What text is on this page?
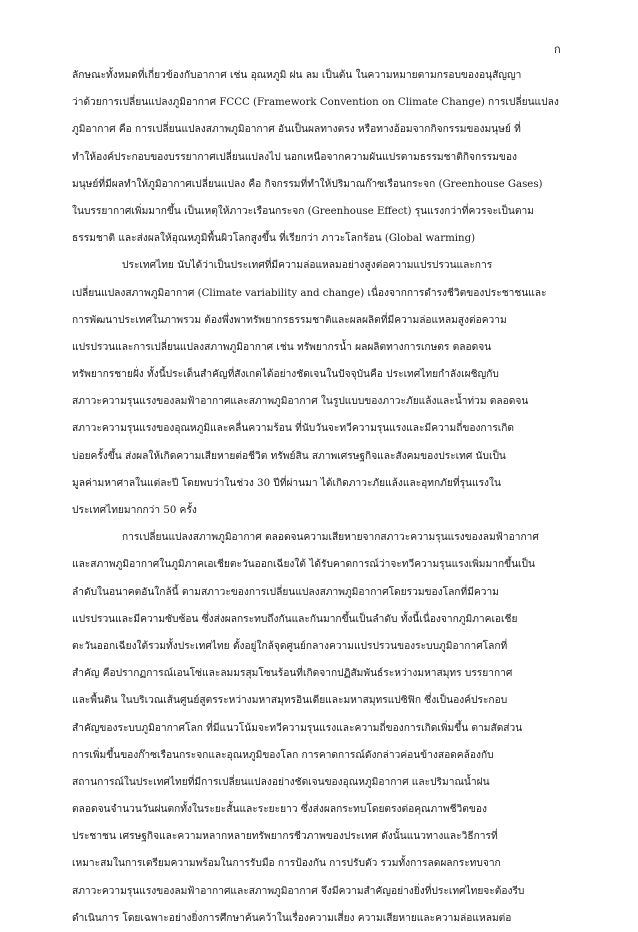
ก
ลักษณะทั้งหมดที่เกี่ยวข้องกับอากาศ เช่น อุณหภูมิ ฝน ลม เป็นต้น ในความหมายตามกรอบของอนุสัญญา
ว่าด้วยการเปลี่ยนแปลงภูมิอากาศ FCCC (Framework Convention on Climate Change) การเปลี่ยนแปลง
ภูมิอากาศ คือ การเปลี่ยนแปลงสภาพภูมิอากาศ อันเป็นผลทางตรง หรือทางอ้อมจากกิจกรรมของมนุษย์ ที่
ทำให้องค์ประกอบของบรรยากาศเปลี่ยนแปลงไป นอกเหนือจากความผันแปรตามธรรมชาติกิจกรรมของ
มนุษย์ที่มีผลทำให้ภูมิอากาศเปลี่ยนแปลง คือ กิจกรรมที่ทำให้ปริมาณก๊าซเรือนกระจก (Greenhouse Gases)
ในบรรยากาศเพิ่มมากขึ้น เป็นเหตุให้ภาวะเรือนกระจก (Greenhouse Effect) รุนแรงกว่าที่ควรจะเป็นตาม
ธรรมชาติ และส่งผลให้อุณหภูมิพื้นผิวโลกสูงขึ้น ที่เรียกว่า ภาวะโลกร้อน (Global warming)
ประเทศไทย นับได้ว่าเป็นประเทศที่มีความล่อแหลมอย่างสูงต่อความแปรปรวนและการ
เปลี่ยนแปลงสภาพภูมิอากาศ (Climate variability and change) เนื่องจากการดำรงชีวิตของประชาชนและ
การพัฒนาประเทศในภาพรวม ต้องพึ่งพาทรัพยากรธรรมชาติและผลผลิตที่มีความล่อแหลมสูงต่อความ
แปรปรวนและการเปลี่ยนแปลงสภาพภูมิอากาศ เช่น ทรัพยากรน้ำ ผลผลิตทางการเกษตร ตลอดจน
ทรัพยากรชายฝั่ง ทั้งนี้ประเด็นสำคัญที่สังเกตได้อย่างชัดเจนในปัจจุบันคือ ประเทศไทยกำลังเผชิญกับ
สภาวะความรุนแรงของลมฟ้าอากาศและสภาพภูมิอากาศ ในรูปแบบของภาวะภัยแล้งและน้ำท่วม ตลอดจน
สภาวะความรุนแรงของอุณหภูมิและคลื่นความร้อน ที่นับวันจะทวีความรุนแรงและมีความถี่ของการเกิด
บ่อยครั้งขึ้น ส่งผลให้เกิดความเสียหายต่อชีวิต ทรัพย์สิน สภาพเศรษฐกิจและสังคมของประเทศ นับเป็น
มูลค่ามหาศาลในแต่ละปี โดยพบว่าในช่วง 30 ปีที่ผ่านมา ได้เกิดภาวะภัยแล้งและอุทกภัยที่รุนแรงใน
ประเทศไทยมากกว่า 50 ครั้ง
การเปลี่ยนแปลงสภาพภูมิอากาศ ตลอดจนความเสียหายจากสภาวะความรุนแรงของลมฟ้าอากาศ
และสภาพภูมิอากาศในภูมิภาคเอเชียตะวันออกเฉียงใต้ ได้รับคาดการณ์ว่าจะทวีความรุนแรงเพิ่มมากขึ้นเป็น
ลำดับในอนาคตอันใกล้นี้ ตามสภาวะของการเปลี่ยนแปลงสภาพภูมิอากาศโดยรวมของโลกที่มีความ
แปรปรวนและมีความซับซ้อน ซึ่งส่งผลกระทบถึงกันและกันมากขึ้นเป็นลำดับ ทั้งนี้เนื่องจากภูมิภาคเอเชีย
ตะวันออกเฉียงใต้รวมทั้งประเทศไทย ตั้งอยู่ใกล้จุดศูนย์กลางความแปรปรวนของระบบภูมิอากาศโลกที่
สำคัญ คือปรากฏการณ์เอนโซ่และลมมรสุมโซนร้อนที่เกิดจากปฏิสัมพันธ์ระหว่างมหาสมุทร บรรยากาศ
และพื้นดิน ในบริเวณเส้นศูนย์สูตรระหว่างมหาสมุทรอินเดียและมหาสมุทรแปซิฟิก ซึ่งเป็นองค์ประกอบ
สำคัญของระบบภูมิอากาศโลก ที่มีแนวโน้มจะทวีความรุนแรงและความถี่ของการเกิดเพิ่มขึ้น ตามสัดส่วน
การเพิ่มขึ้นของก๊าซเรือนกระจกและอุณหภูมิของโลก การคาดการณ์ดังกล่าวค่อนข้างสอดคล้องกับ
สถานการณ์ในประเทศไทยที่มีการเปลี่ยนแปลงอย่างชัดเจนของอุณหภูมิอากาศ และปริมาณน้ำฝน
ตลอดจนจำนวนวันฝนตกทั้งในระยะสั้นและระยะยาว ซึ่งส่งผลกระทบโดยตรงต่อคุณภาพชีวิตของ
ประชาชน เศรษฐกิจและความหลากหลายทรัพยากรชีวภาพของประเทศ ดังนั้นแนวทางและวิธีการที่
เหมาะสมในการเตรียมความพร้อมในการรับมือ การป้องกัน การปรับตัว รวมทั้งการลดผลกระทบจาก
สภาวะความรุนแรงของลมฟ้าอากาศและสภาพภูมิอากาศ จึงมีความสำคัญอย่างยิ่งที่ประเทศไทยจะต้องรีบ
ดำเนินการ โดยเฉพาะอย่างยิ่งการศึกษาค้นคว้าในเรื่องความเสี่ยง ความเสียหายและความล่อแหลมต่อ
